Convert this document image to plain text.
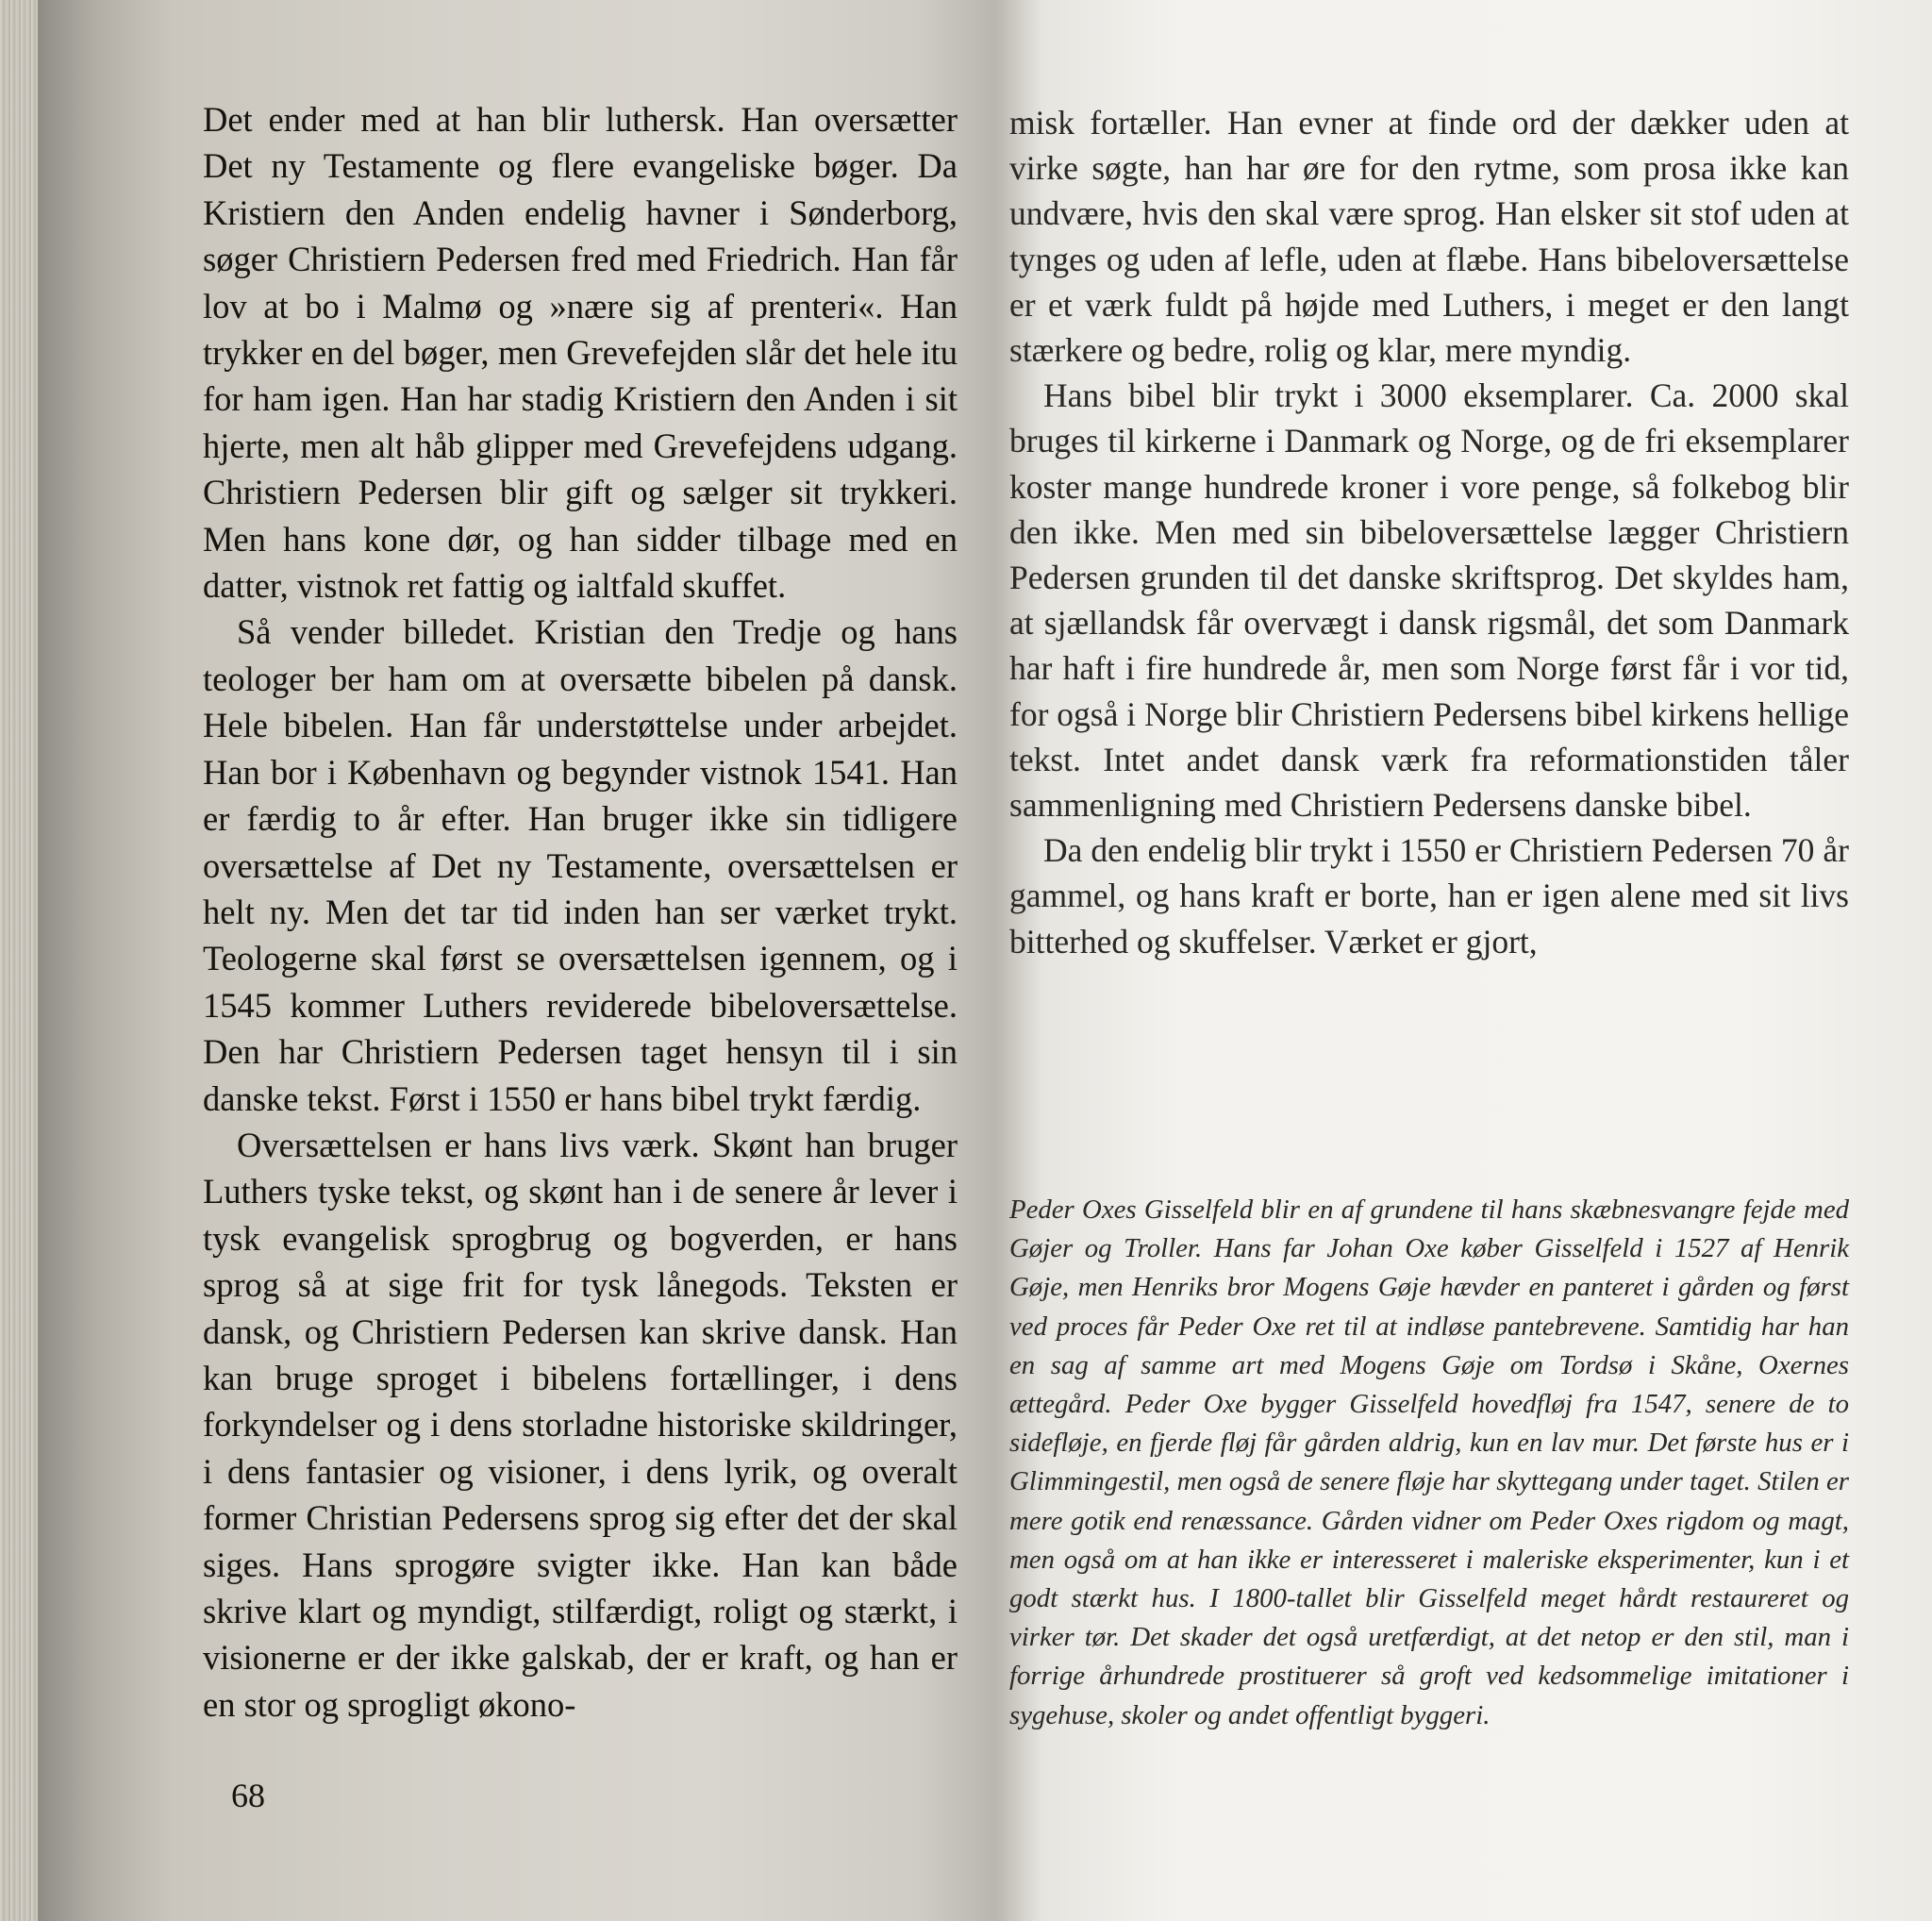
Det ender med at han blir luthersk. Han oversætter Det ny Testamente og flere evangeliske bøger. Da Kristiern den Anden endelig havner i Sønderborg, søger Christiern Pedersen fred med Friedrich. Han får lov at bo i Malmø og »nære sig af prenteri«. Han trykker en del bøger, men Grevefejden slår det hele itu for ham igen. Han har stadig Kristiern den Anden i sit hjerte, men alt håb glipper med Grevefejdens udgang. Christiern Pedersen blir gift og sælger sit trykkeri. Men hans kone dør, og han sidder tilbage med en datter, vistnok ret fattig og ialtfald skuffet.

Så vender billedet. Kristian den Tredje og hans teologer ber ham om at oversætte bibelen på dansk. Hele bibelen. Han får understøttelse under arbejdet. Han bor i København og begynder vistnok 1541. Han er færdig to år efter. Han bruger ikke sin tidligere oversættelse af Det ny Testamente, oversættelsen er helt ny. Men det tar tid inden han ser værket trykt. Teologerne skal først se oversættelsen igennem, og i 1545 kommer Luthers reviderede bibeloversættelse. Den har Christiern Pedersen taget hensyn til i sin danske tekst. Først i 1550 er hans bibel trykt færdig.

Oversættelsen er hans livs værk. Skønt han bruger Luthers tyske tekst, og skønt han i de senere år lever i tysk evangelisk sprogbrug og bogverden, er hans sprog så at sige frit for tysk lånegods. Teksten er dansk, og Christiern Pedersen kan skrive dansk. Han kan bruge sproget i bibelens fortællinger, i dens forkyndelser og i dens storladne historiske skildringer, i dens fantasier og visioner, i dens lyrik, og overalt former Christian Pedersens sprog sig efter det der skal siges. Hans sprogøre svigter ikke. Han kan både skrive klart og myndigt, stilfærdigt, roligt og stærkt, i visionerne er der ikke galskab, der er kraft, og han er en stor og sprogligt økono-

68

misk fortæller. Han evner at finde ord der dækker uden at virke søgte, han har øre for den rytme, som prosa ikke kan undvære, hvis den skal være sprog. Han elsker sit stof uden at tynges og uden af lefle, uden at flæbe. Hans bibeloversættelse er et værk fuldt på højde med Luthers, i meget er den langt stærkere og bedre, rolig og klar, mere myndig.

Hans bibel blir trykt i 3000 eksemplarer. Ca. 2000 skal bruges til kirkerne i Danmark og Norge, og de fri eksemplarer koster mange hundrede kroner i vore penge, så folkebog blir den ikke. Men med sin bibeloversættelse lægger Christiern Pedersen grunden til det danske skriftsprog. Det skyldes ham, at sjællandsk får overvægt i dansk rigsmål, det som Danmark har haft i fire hundrede år, men som Norge først får i vor tid, for også i Norge blir Christiern Pedersens bibel kirkens hellige tekst. Intet andet dansk værk fra reformationstiden tåler sammenligning med Christiern Pedersens danske bibel.

Da den endelig blir trykt i 1550 er Christiern Pedersen 70 år gammel, og hans kraft er borte, han er igen alene med sit livs bitterhed og skuffelser. Værket er gjort,

Peder Oxes Gisselfeld blir en af grundene til hans skæbnesvangre fejde med Gøjer og Troller. Hans far Johan Oxe køber Gisselfeld i 1527 af Henrik Gøje, men Henriks bror Mogens Gøje hævder en panteret i gården og først ved proces får Peder Oxe ret til at indløse pantebrevene. Samtidig har han en sag af samme art med Mogens Gøje om Tordsø i Skåne, Oxernes ættegård. Peder Oxe bygger Gisselfeld hovedfløj fra 1547, senere de to sidefløje, en fjerde fløj får gården aldrig, kun en lav mur. Det første hus er i Glimmingestil, men også de senere fløje har skyttegang under taget. Stilen er mere gotik end renæssance. Gården vidner om Peder Oxes rigdom og magt, men også om at han ikke er interesseret i maleriske eksperimenter, kun i et godt stærkt hus. I 1800-tallet blir Gisselfeld meget hårdt restaureret og virker tør. Det skader det også uretfærdigt, at det netop er den stil, man i forrige århundrede prostituerer så groft ved kedsommelige imitationer i sygehuse, skoler og andet offentligt byggeri.
